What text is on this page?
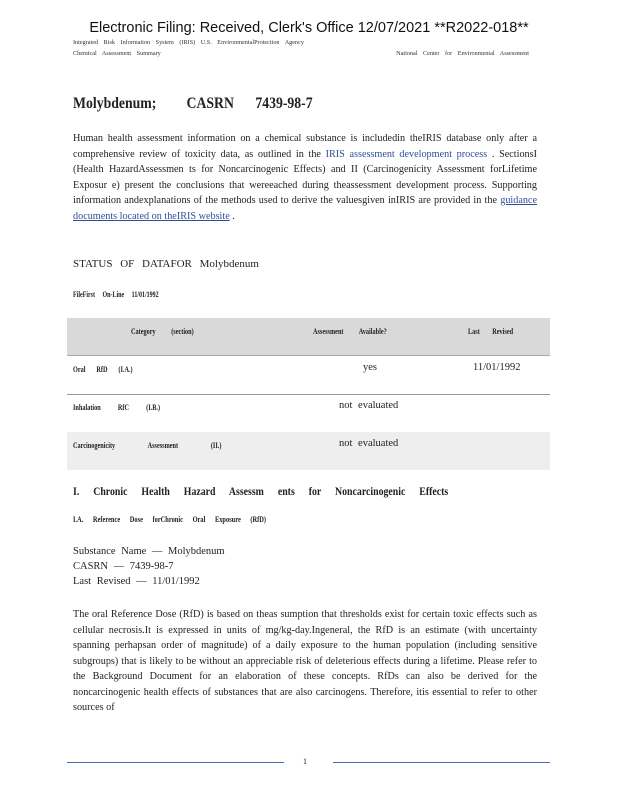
Electronic Filing: Received, Clerk's Office 12/07/2021 **R2022-018**
Integrated Risk Information System (IRIS) U.S. EnvironmentalProtection Agency
Chemical Assessment Summary	National Center for Environmental Assessment
Molybdenum; CASRN 7439-98-7
Human health assessment information on a chemical substance is includedin theIRIS database only after a comprehensive review of toxicity data, as outlined in the IRIS assessment development process . SectionsI (Health HazardAssessmen ts for Noncarcinogenic Effects) and II (Carcinogenicity Assessment forLifetime Exposur e) present the conclusions that wereeached during theassessment development process. Supporting information andexplanations of the methods used to derive the valuesgiven inIRIS are provided in the guidance documents located on theIRIS website .
STATUS OF DATAFOR Molybdenum
FileFirst On-Line 11/01/1992
Category (section)	Assessment Available?	Last Revised
Oral RfD (I.A.)	yes	11/01/1992
Inhalation RfC (I.B.)	not evaluated
Carcinogenicity Assessment (II.)	not evaluated
I. Chronic Health Hazard Assessm ents for Noncarcinogenic Effects
I.A. Reference Dose forChronic Oral Exposure (RfD)
Substance Name — Molybdenum
CASRN — 7439-98-7
Last Revised — 11/01/1992
The oral Reference Dose (RfD) is based on theas sumption that thresholds exist for certain toxic effects such as cellular necrosis.It is expressed in units of mg/kg-day.Ingeneral, the RfD is an estimate (with uncertainty spanning perhapsan order of magnitude) of a daily exposure to the human population (including sensitive subgroups) that is likely to be without an appreciable risk of deleterious effects during a lifetime. Please refer to the Background Document for an elaboration of these concepts. RfDs can also be derived for the noncarcinogenic health effects of substances that are also carcinogens. Therefore, itis essential to refer to other sources of
1
